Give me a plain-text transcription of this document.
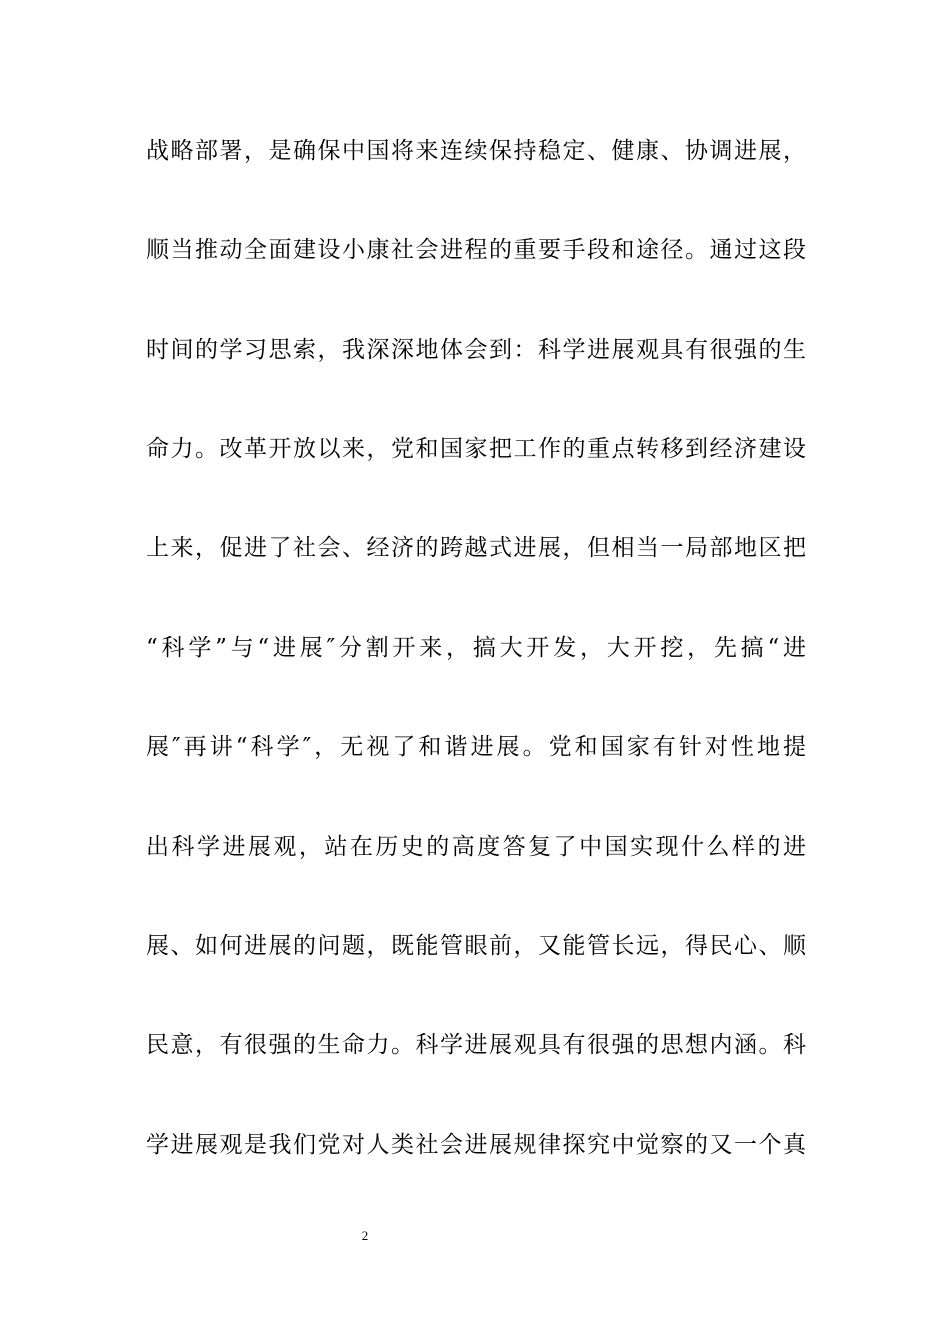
战略部署，是确保中国将来连续保持稳定、健康、协调进展，
顺当推动全面建设小康社会进程的重要手段和途径。通过这段
时间的学习思索，我深深地体会到：科学进展观具有很强的生
命力。改革开放以来，党和国家把工作的重点转移到经济建设
上来，促进了社会、经济的跨越式进展，但相当一局部地区把
“科学”与“进展″分割开来，搞大开发，大开挖，先搞“进
展″再讲“科学″，无视了和谐进展。党和国家有针对性地提
出科学进展观，站在历史的高度答复了中国实现什么样的进
展、如何进展的问题，既能管眼前，又能管长远，得民心、顺
民意，有很强的生命力。科学进展观具有很强的思想内涵。科
学进展观是我们党对人类社会进展规律探究中觉察的又一个真
2
